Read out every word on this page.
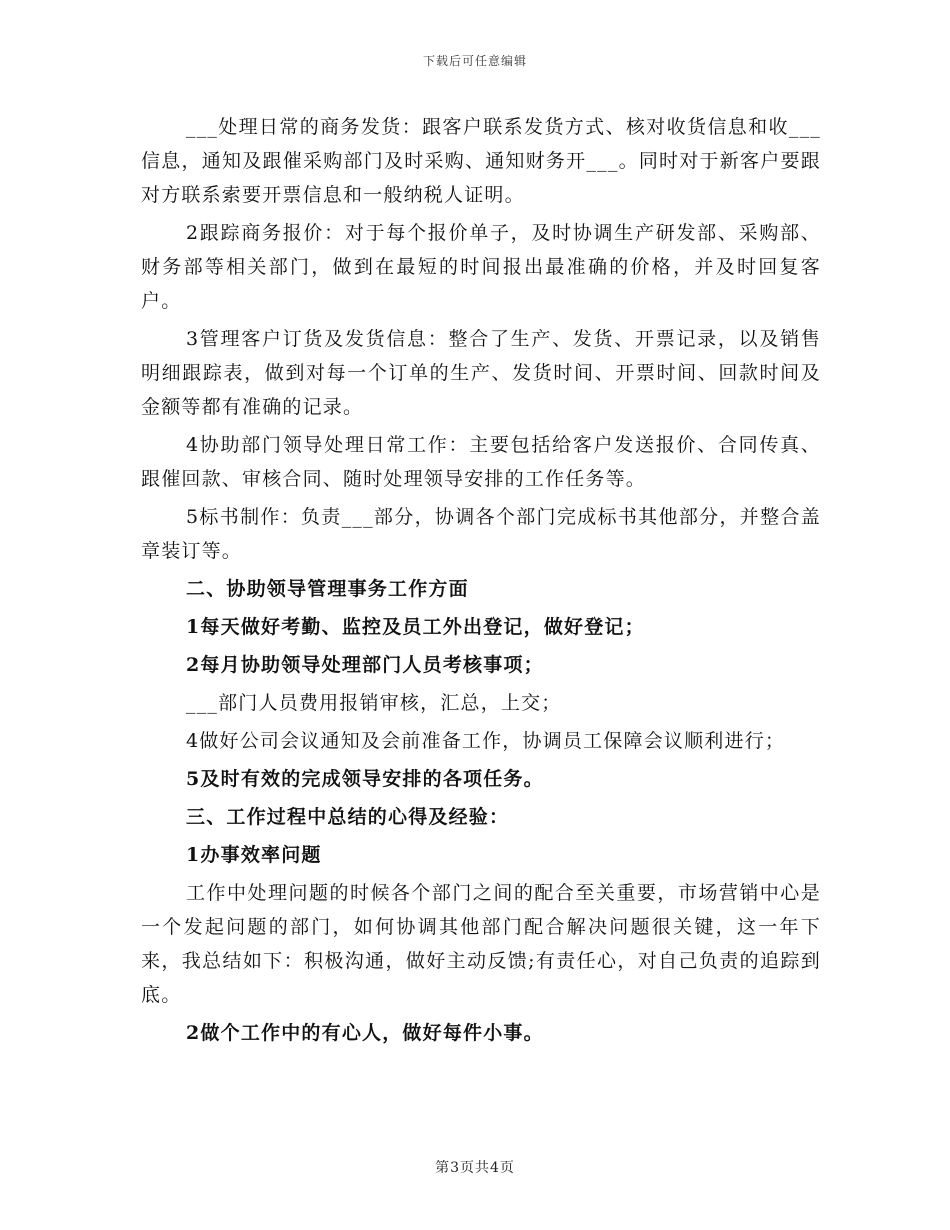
下载后可任意编辑

___处理日常的商务发货：跟客户联系发货方式、核对收货信息和收___信息，通知及跟催采购部门及时采购、通知财务开___。同时对于新客户要跟对方联系索要开票信息和一般纳税人证明。

2跟踪商务报价：对于每个报价单子，及时协调生产研发部、采购部、财务部等相关部门，做到在最短的时间报出最准确的价格，并及时回复客户。

3管理客户订货及发货信息：整合了生产、发货、开票记录，以及销售明细跟踪表，做到对每一个订单的生产、发货时间、开票时间、回款时间及金额等都有准确的记录。

4协助部门领导处理日常工作：主要包括给客户发送报价、合同传真、跟催回款、审核合同、随时处理领导安排的工作任务等。

5标书制作：负责___部分，协调各个部门完成标书其他部分，并整合盖章装订等。

二、协助领导管理事务工作方面

1每天做好考勤、监控及员工外出登记，做好登记；

2每月协助领导处理部门人员考核事项；

___部门人员费用报销审核，汇总，上交；

4做好公司会议通知及会前准备工作，协调员工保障会议顺利进行；

5及时有效的完成领导安排的各项任务。

三、工作过程中总结的心得及经验：

1办事效率问题

工作中处理问题的时候各个部门之间的配合至关重要，市场营销中心是一个发起问题的部门，如何协调其他部门配合解决问题很关键，这一年下来，我总结如下：积极沟通，做好主动反馈;有责任心，对自己负责的追踪到底。

2做个工作中的有心人，做好每件小事。

第3页共4页
